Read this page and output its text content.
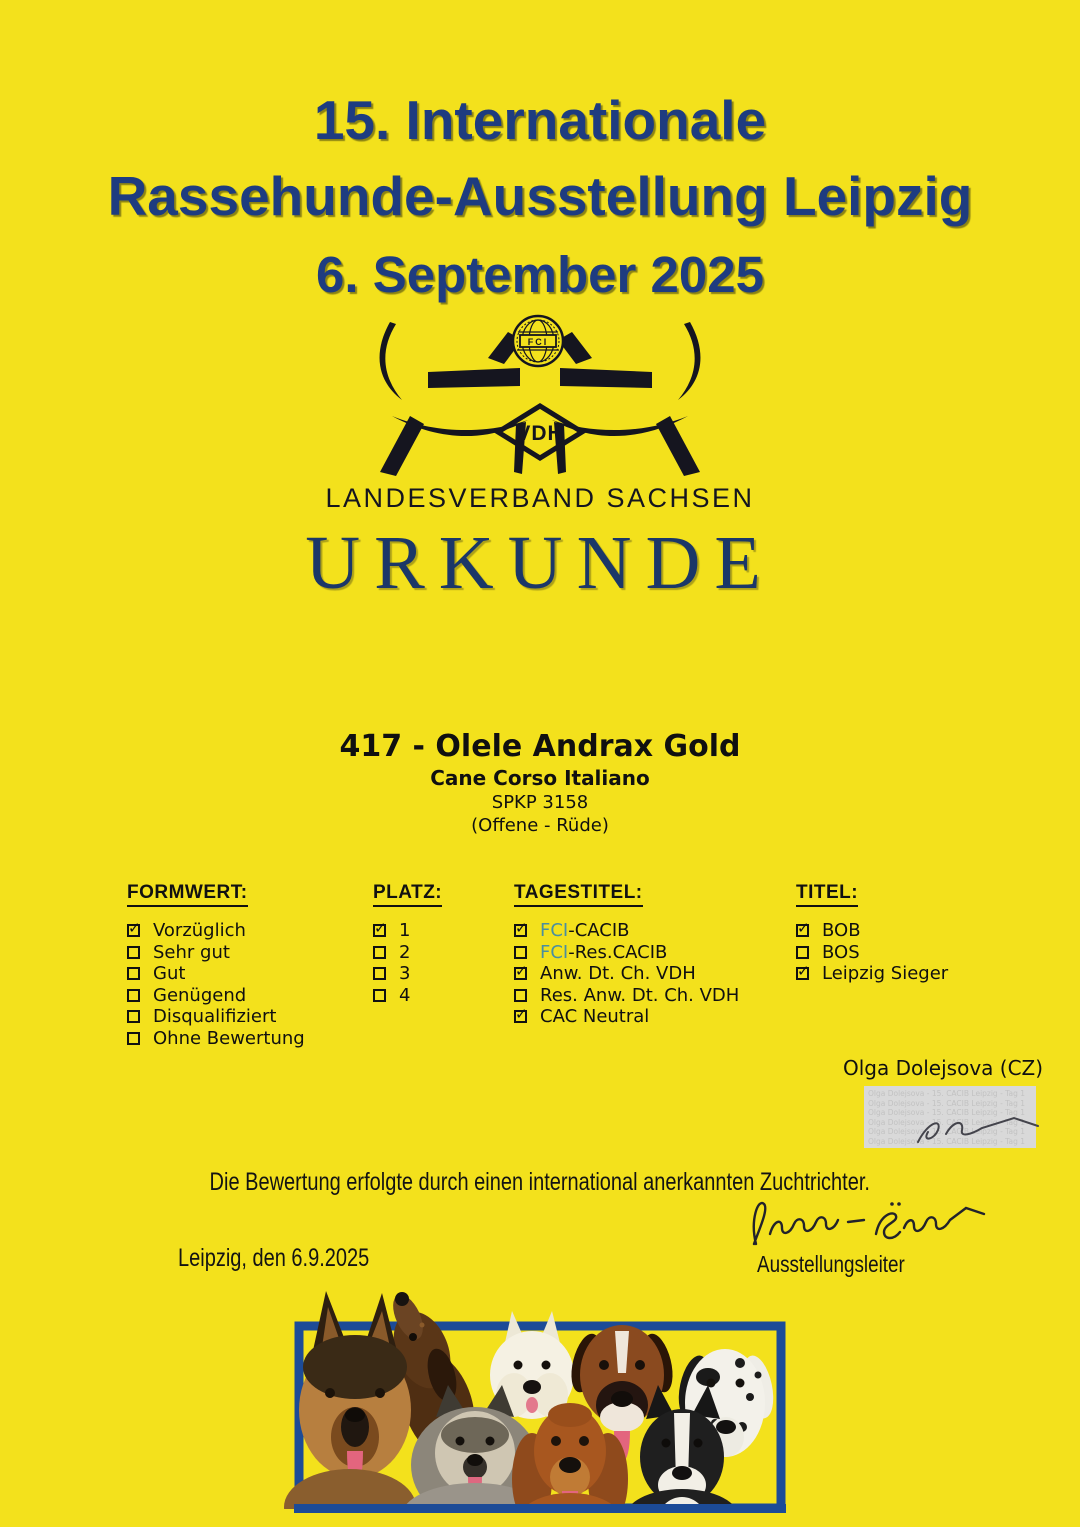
15. Internationale
Rassehunde-Ausstellung Leipzig
6. September 2025
FCI
VDH
LANDESVERBAND SACHSEN
URKUNDE
417 - Olele Andrax Gold
Cane Corso Italiano
SPKP 3158
(Offene - Rüde)
FORMWERT:
✓
Vorzüglich
Sehr gut
Gut
Genügend
Disqualifiziert
Ohne Bewertung
PLATZ:
✓
1
2
3
4
TAGESTITEL:
✓
FCI-CACIB
FCI-Res.CACIB
✓
Anw. Dt. Ch. VDH
Res. Anw. Dt. Ch. VDH
✓
CAC Neutral
TITEL:
✓
BOB
BOS
✓
Leipzig Sieger
Olga Dolejsova (CZ)
Olga Dolejsova - 15. CACIB Leipzig - Tag 1
Olga Dolejsova - 15. CACIB Leipzig - Tag 1
Olga Dolejsova - 15. CACIB Leipzig - Tag 1
Olga Dolejsova - 15. CACIB Leipzig - Tag 1
Olga Dolejsova - 15. CACIB Leipzig - Tag 1
Olga Dolejsova - 15. CACIB Leipzig - Tag 1
Die Bewertung erfolgte durch einen international anerkannten Zuchtrichter.
Ausstellungsleiter
Leipzig, den 6.9.2025
